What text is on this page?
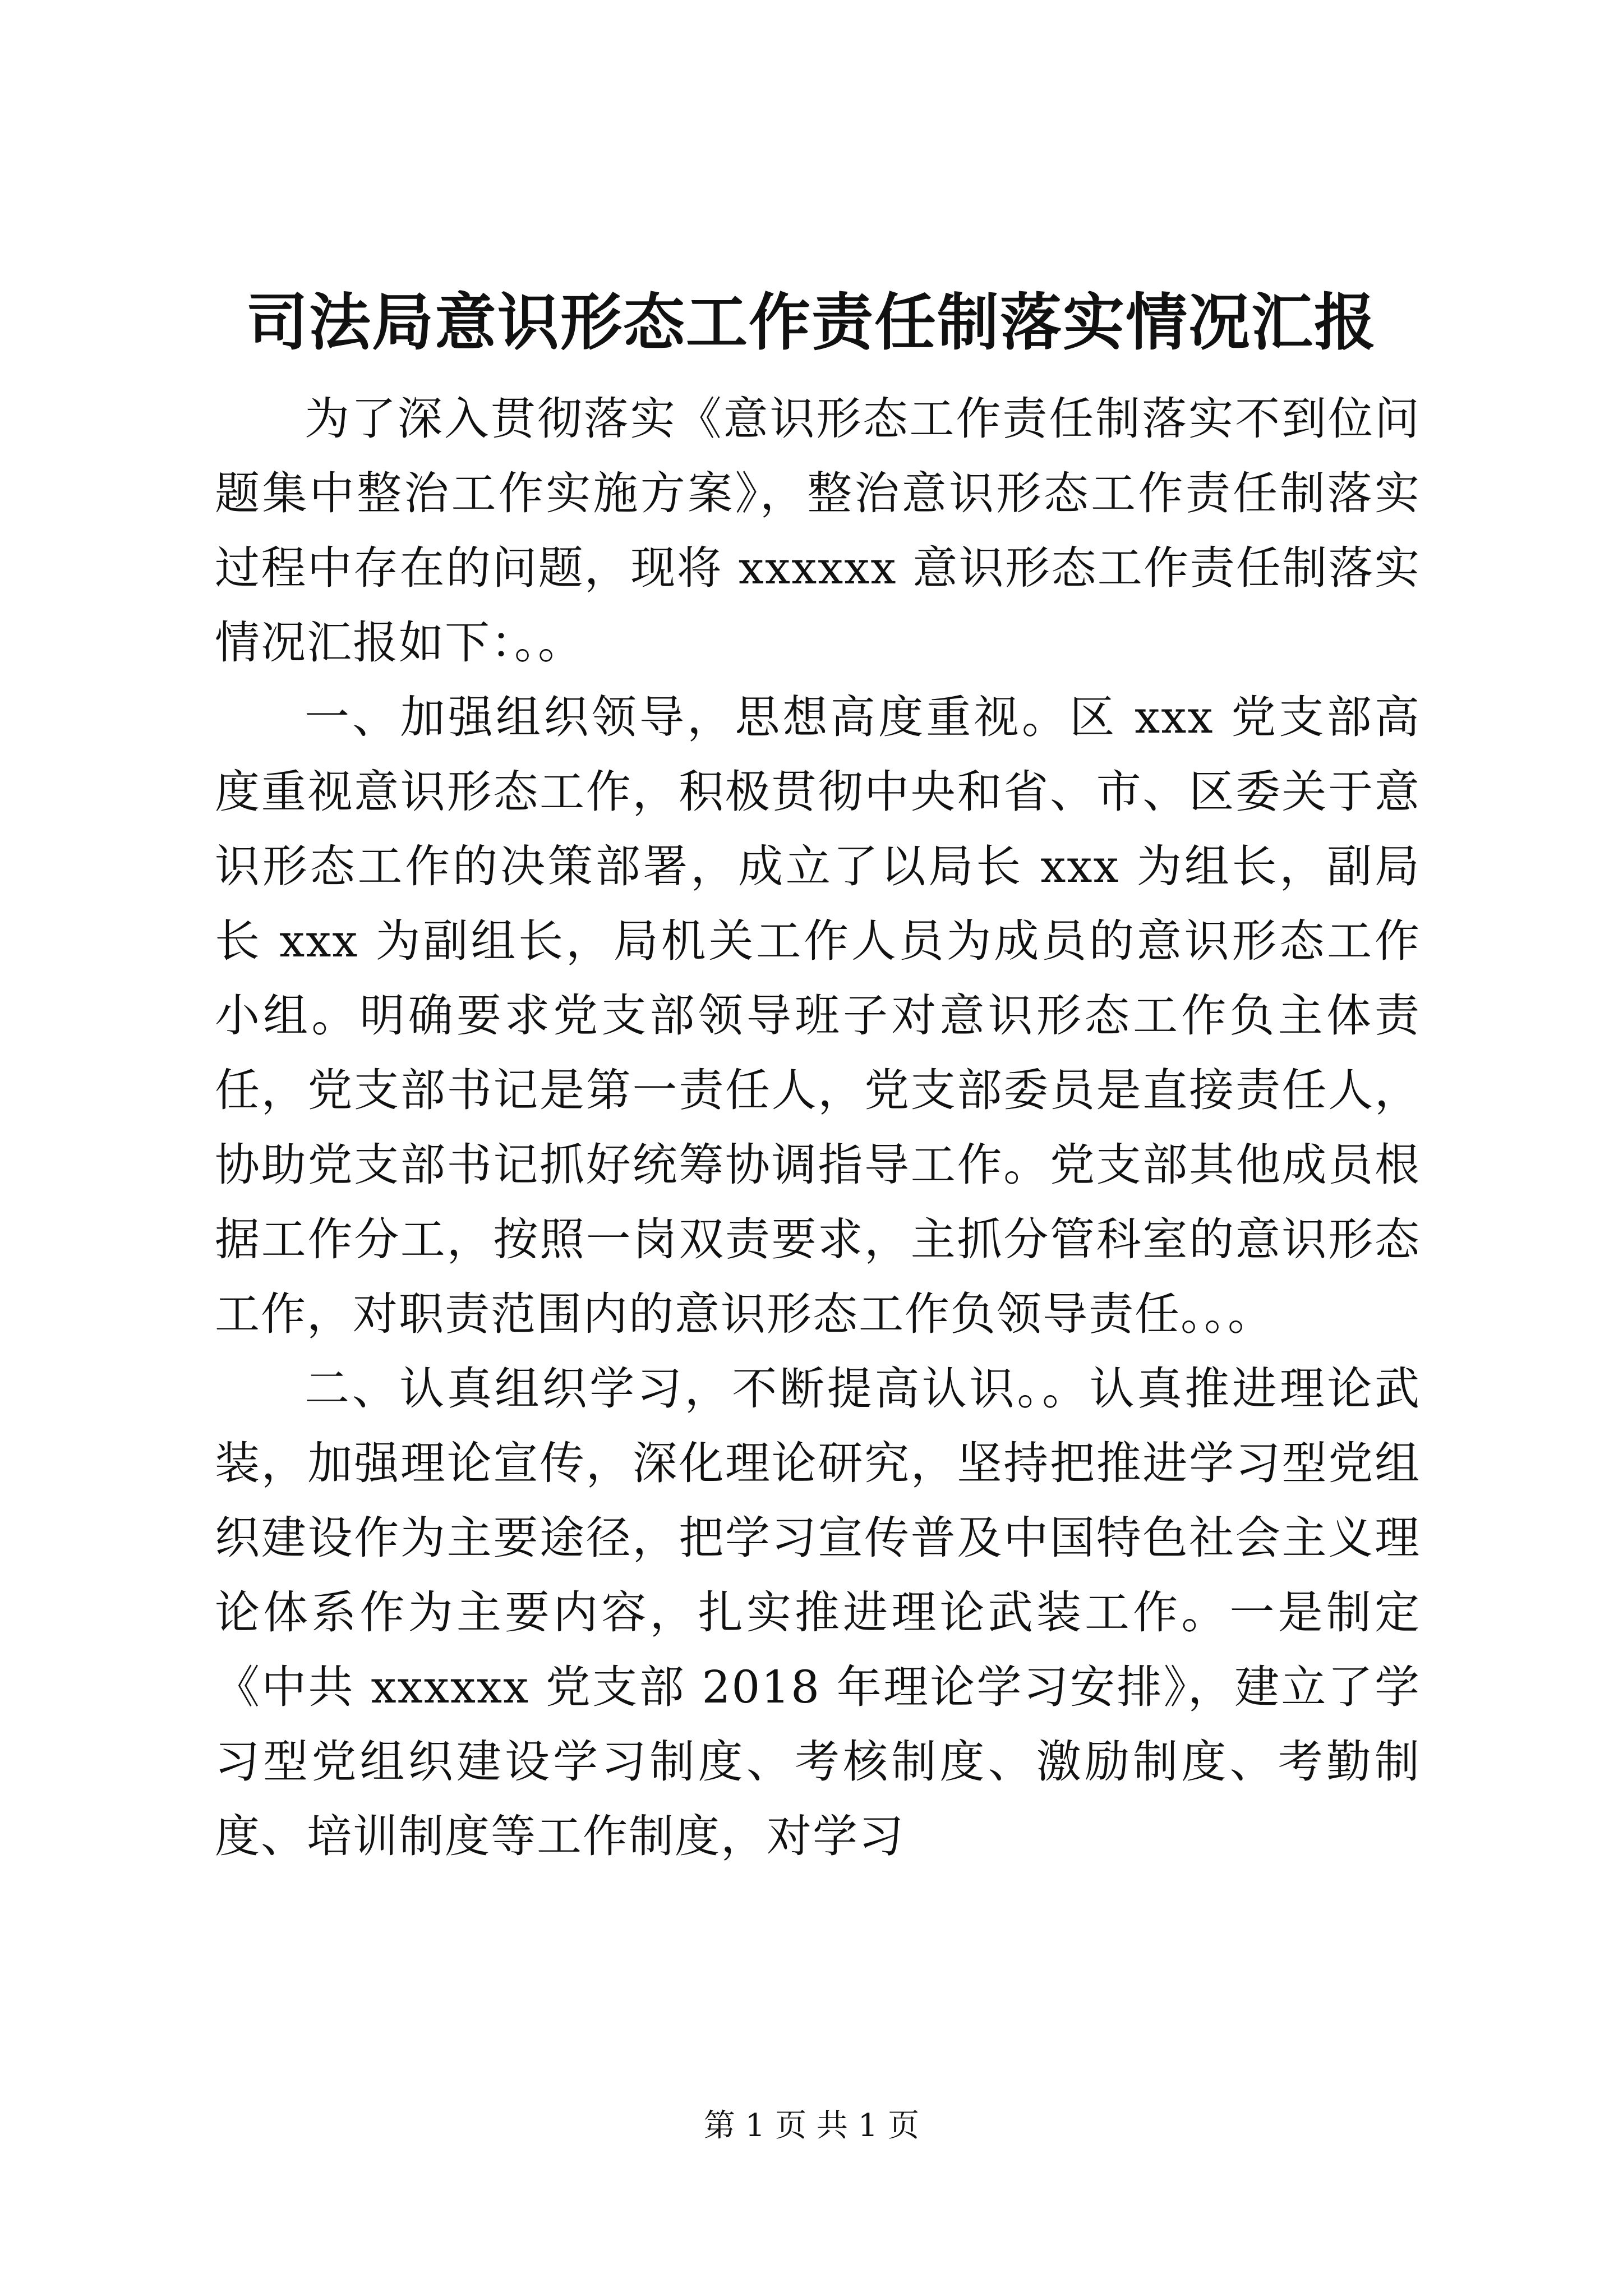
司法局意识形态工作责任制落实情况汇报

为了深入贯彻落实《意识形态工作责任制落实不到位问题集中整治工作实施方案》，整治意识形态工作责任制落实过程中存在的问题，现将 xxxxxx 意识形态工作责任制落实情况汇报如下：。。

一、加强组织领导，思想高度重视。区 xxx 党支部高度重视意识形态工作，积极贯彻中央和省、市、区委关于意识形态工作的决策部署，成立了以局长 xxx 为组长，副局长 xxx 为副组长，局机关工作人员为成员的意识形态工作小组。明确要求党支部领导班子对意识形态工作负主体责任，党支部书记是第一责任人，党支部委员是直接责任人，协助党支部书记抓好统筹协调指导工作。党支部其他成员根据工作分工，按照一岗双责要求，主抓分管科室的意识形态工作，对职责范围内的意识形态工作负领导责任。。。

二、认真组织学习，不断提高认识。。认真推进理论武装，加强理论宣传，深化理论研究，坚持把推进学习型党组织建设作为主要途径，把学习宣传普及中国特色社会主义理论体系作为主要内容，扎实推进理论武装工作。一是制定《中共 xxxxxx 党支部 2018 年理论学习安排》，建立了学习型党组织建设学习制度、考核制度、激励制度、考勤制度、培训制度等工作制度，对学习

第 1 页 共 1 页
